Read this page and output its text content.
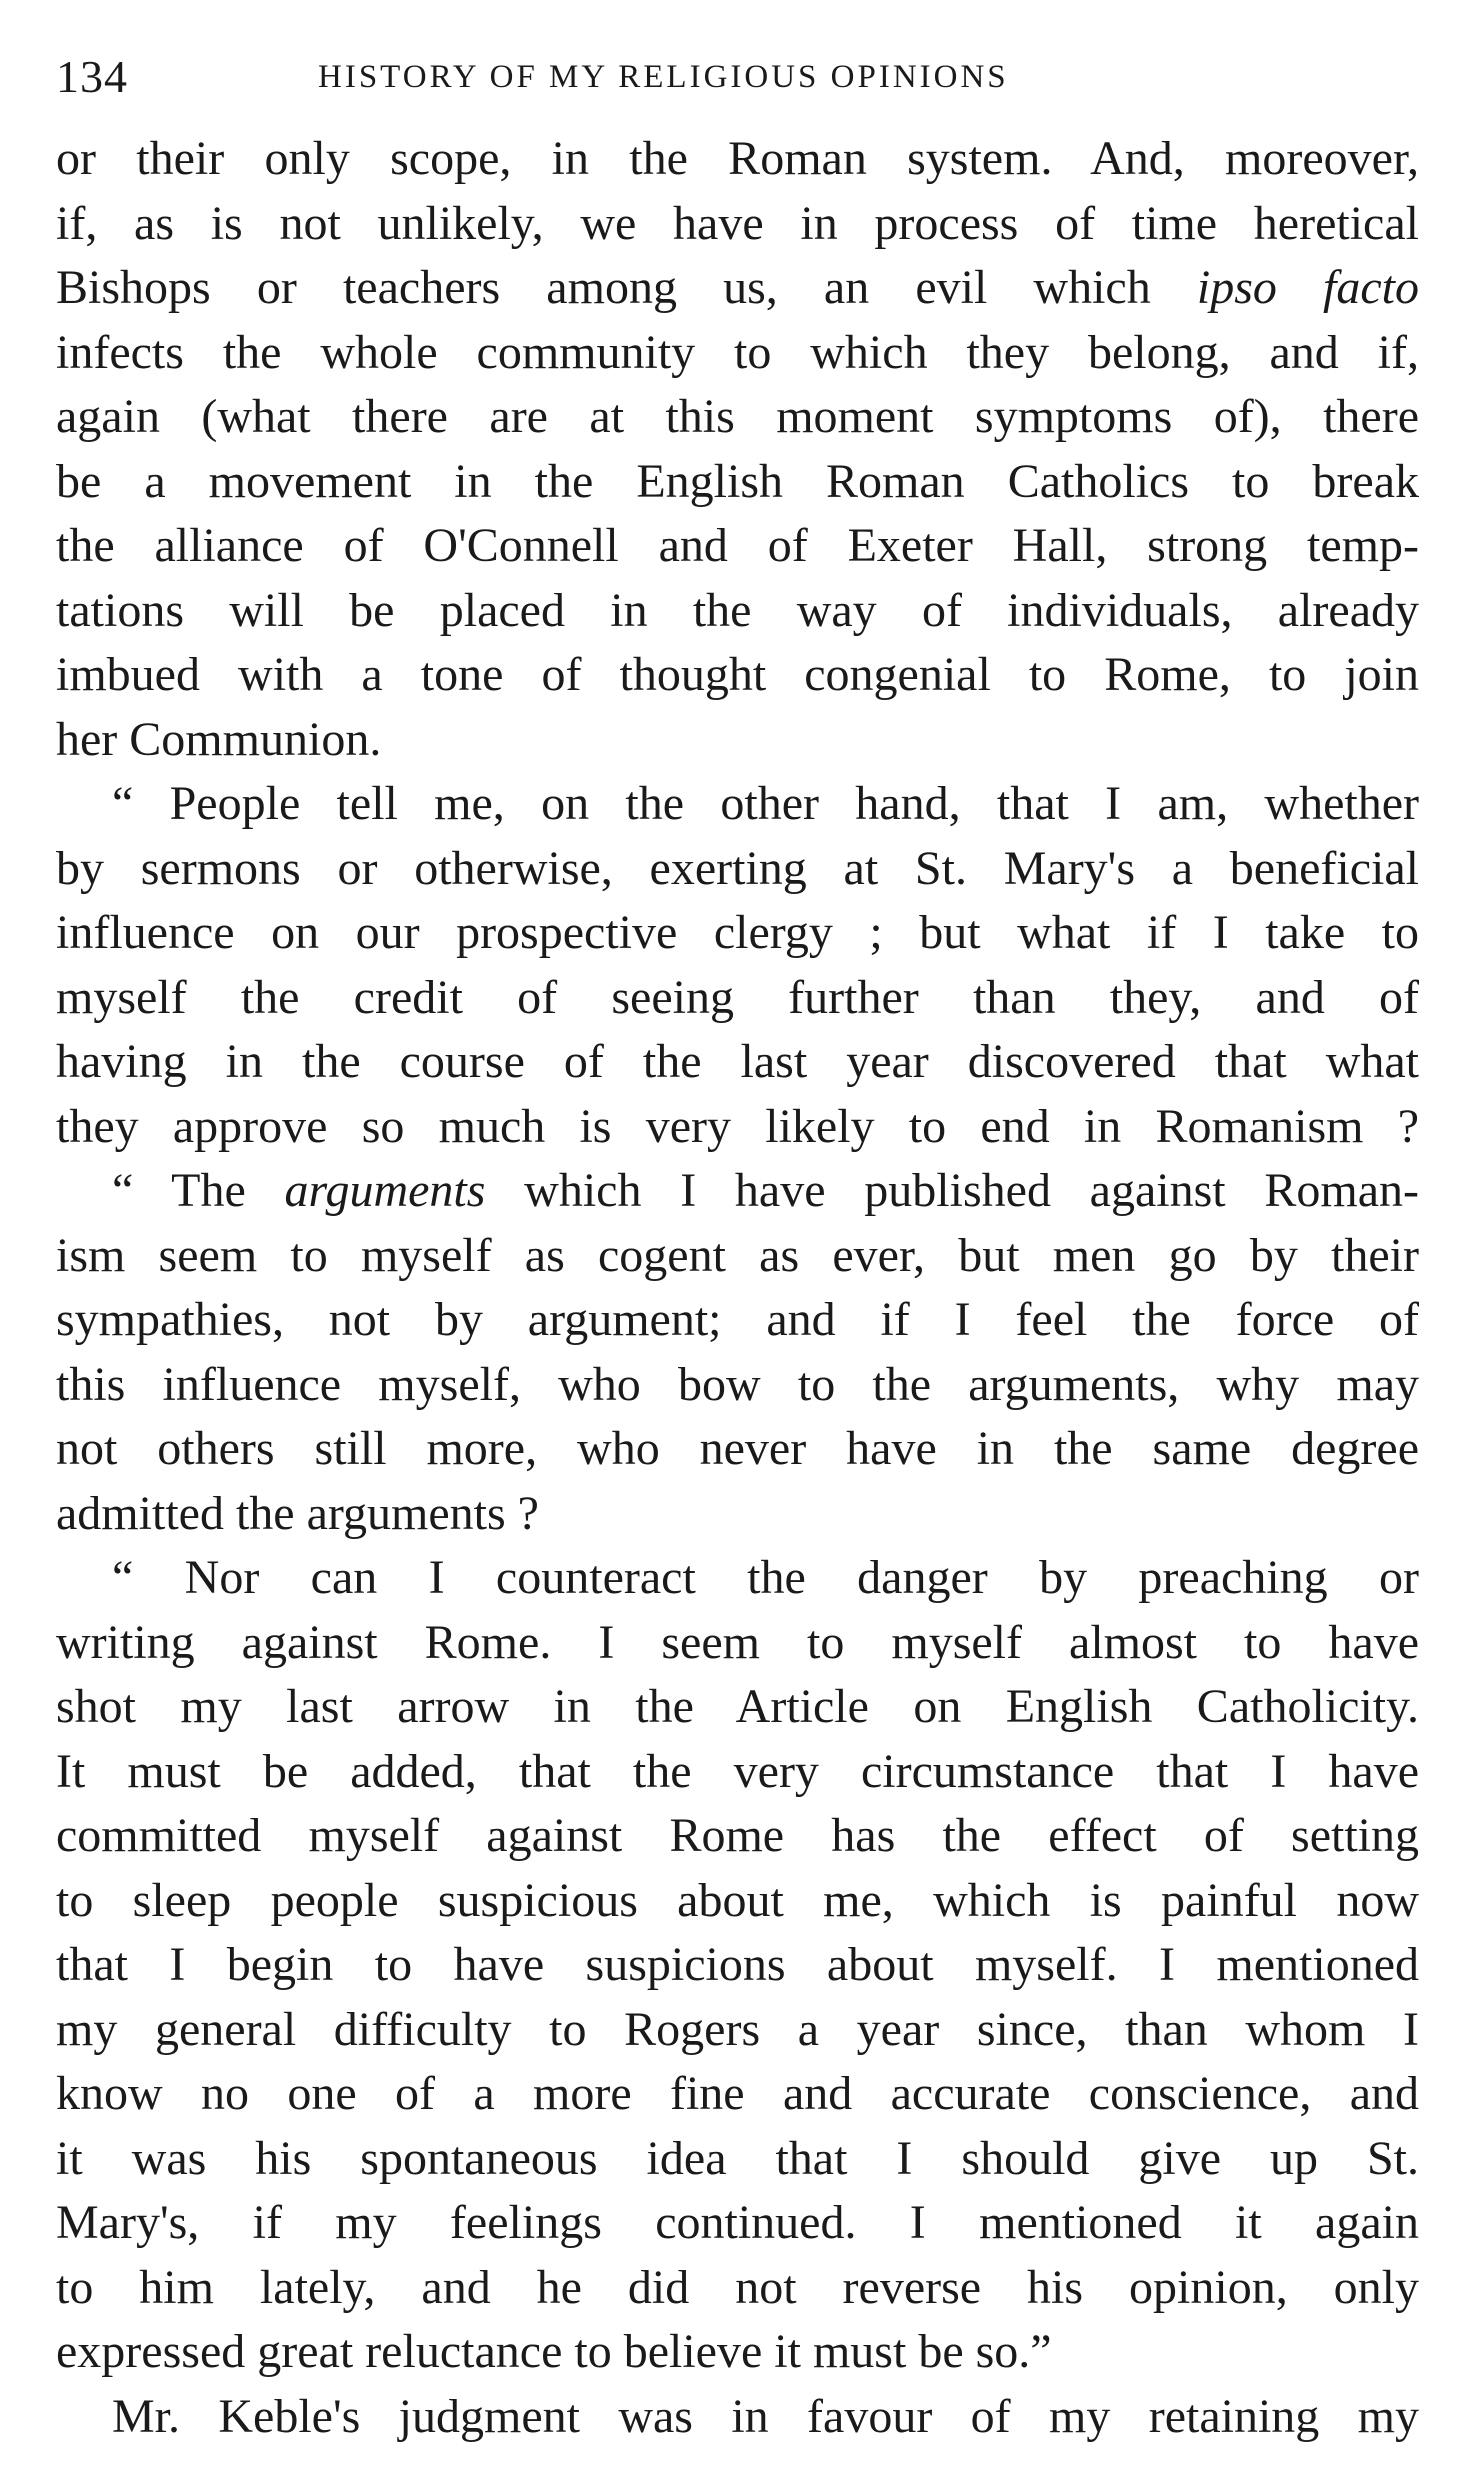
134	HISTORY OF MY RELIGIOUS OPINIONS
or their only scope, in the Roman system. And, moreover,
if, as is not unlikely, we have in process of time heretical
Bishops or teachers among us, an evil which ipso facto
infects the whole community to which they belong, and if,
again (what there are at this moment symptoms of), there
be a movement in the English Roman Catholics to break
the alliance of O'Connell and of Exeter Hall, strong temp-
tations will be placed in the way of individuals, already
imbued with a tone of thought congenial to Rome, to join
her Communion.
“ People tell me, on the other hand, that I am, whether
by sermons or otherwise, exerting at St. Mary's a beneficial
influence on our prospective clergy ; but what if I take to
myself the credit of seeing further than they, and of
having in the course of the last year discovered that what
they approve so much is very likely to end in Romanism ?
“ The arguments which I have published against Roman-
ism seem to myself as cogent as ever, but men go by their
sympathies, not by argument; and if I feel the force of
this influence myself, who bow to the arguments, why may
not others still more, who never have in the same degree
admitted the arguments ?
“ Nor can I counteract the danger by preaching or
writing against Rome. I seem to myself almost to have
shot my last arrow in the Article on English Catholicity.
It must be added, that the very circumstance that I have
committed myself against Rome has the effect of setting
to sleep people suspicious about me, which is painful now
that I begin to have suspicions about myself. I mentioned
my general difficulty to Rogers a year since, than whom I
know no one of a more fine and accurate conscience, and
it was his spontaneous idea that I should give up St.
Mary's, if my feelings continued. I mentioned it again
to him lately, and he did not reverse his opinion, only
expressed great reluctance to believe it must be so.”
Mr. Keble's judgment was in favour of my retaining my
